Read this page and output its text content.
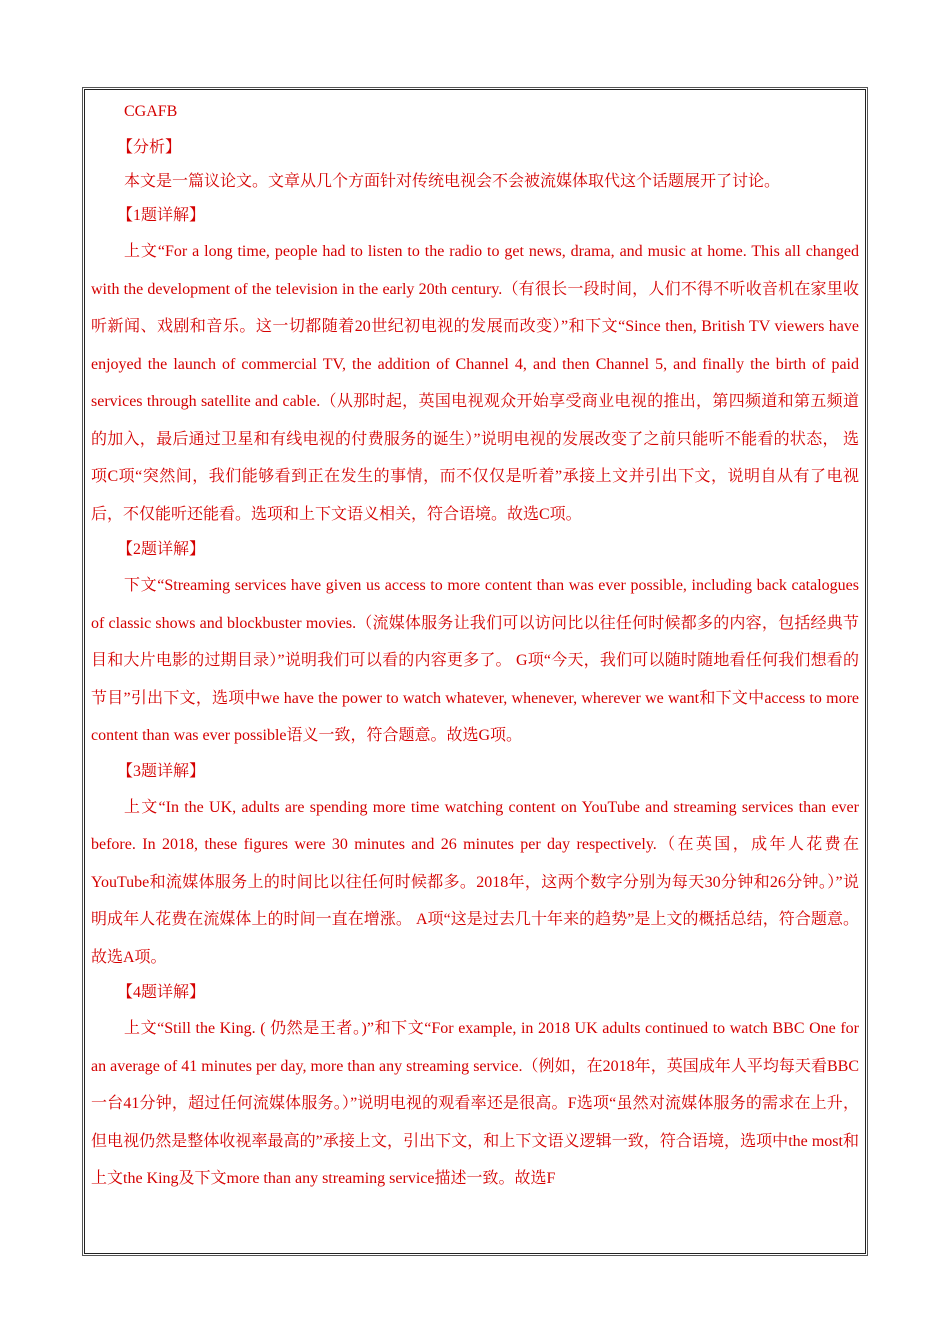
CGAFB

【分析】

本文是一篇议论文。文章从几个方面针对传统电视会不会被流媒体取代这个话题展开了讨论。

【1题详解】

上文“For a long time, people had to listen to the radio to get news, drama, and music at home. This all changed with the development of the television in the early 20th century.（有很长一段时间，人们不得不听收音机在家里收听新闻、戏剧和音乐。这一切都随着20世纪初电视的发展而改变）”和下文“Since then, British TV viewers have enjoyed the launch of commercial TV, the addition of Channel 4, and then Channel 5, and finally the birth of paid services through satellite and cable.（从那时起，英国电视观众开始享受商业电视的推出，第四频道和第五频道的加入，最后通过卫星和有线电视的付费服务的诞生）”说明电视的发展改变了之前只能听不能看的状态， 选项C项“突然间，我们能够看到正在发生的事情，而不仅仅是听着”承接上文并引出下文，说明自从有了电视后，不仅能听还能看。选项和上下文语义相关，符合语境。故选C项。

【2题详解】

下文“Streaming services have given us access to more content than was ever possible, including back catalogues of classic shows and blockbuster movies.（流媒体服务让我们可以访问比以往任何时候都多的内容，包括经典节目和大片电影的过期目录）”说明我们可以看的内容更多了。 G项“今天，我们可以随时随地看任何我们想看的节目”引出下文，选项中we have the power to watch whatever, whenever, wherever we want和下文中access to more content than was ever possible语义一致，符合题意。故选G项。

【3题详解】

上文“In the UK, adults are spending more time watching content on YouTube and streaming services than ever before. In 2018, these figures were 30 minutes and 26 minutes per day respectively.（在英国，成年人花费在YouTube和流媒体服务上的时间比以往任何时候都多。2018年，这两个数字分别为每天30分钟和26分钟。）”说明成年人花费在流媒体上的时间一直在增涨。 A项“这是过去几十年来的趋势”是上文的概括总结，符合题意。故选A项。

【4题详解】

上文“Still the King. ( 仍然是王者。)”和下文“For example, in 2018 UK adults continued to watch BBC One for an average of 41 minutes per day, more than any streaming service.（例如，在2018年，英国成年人平均每天看BBC一台41分钟，超过任何流媒体服务。）”说明电视的观看率还是很高。F选项“虽然对流媒体服务的需求在上升，但电视仍然是整体收视率最高的”承接上文，引出下文，和上下文语义逻辑一致，符合语境，选项中the most和上文the King及下文more than any streaming service描述一致。故选F
